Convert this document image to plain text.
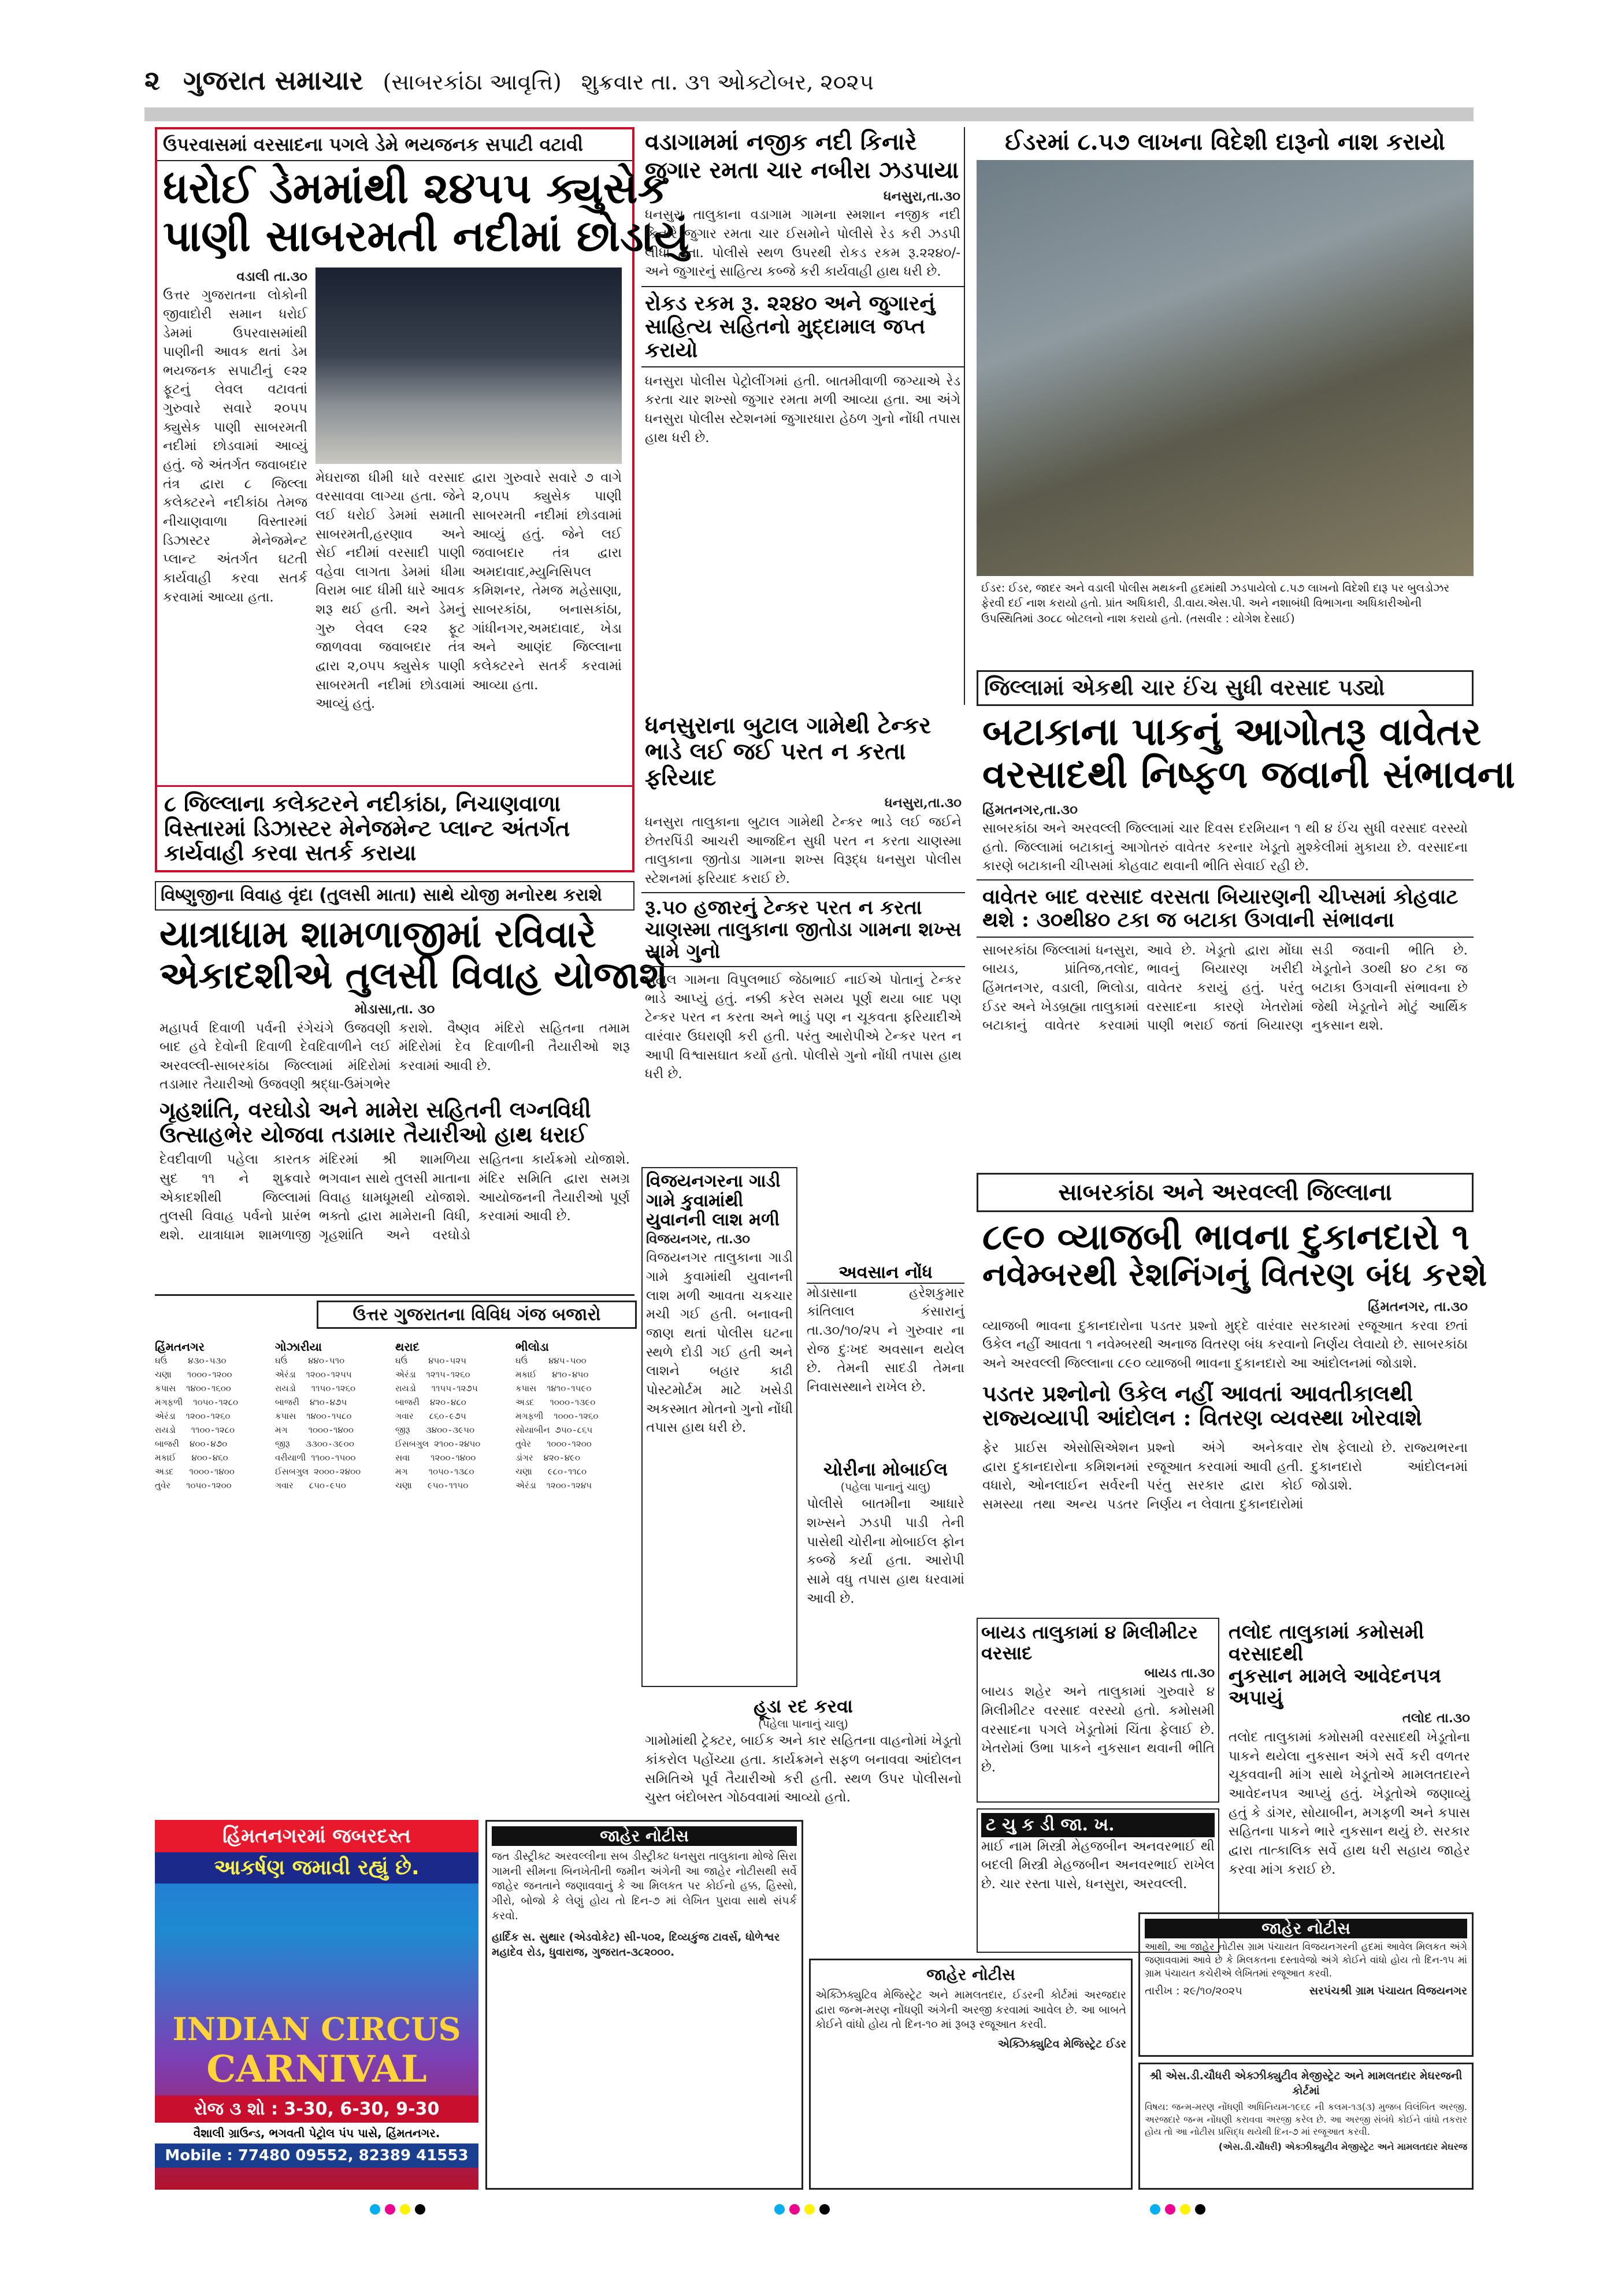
૨ ગુજરાત સમાચાર (સાબરકાંઠા આવૃત્તિ) શુક્રવાર તા. ૩૧ ઓક્ટોબર, ૨૦૨૫
ઉપરવાસમાં વરસાદના પગલે ડેમે ભયજનક સપાટી વટાવી
ધરોઈ ડેમમાંથી ૨૪૫૫ ક્યુસેક
પાણી સાબરમતી નદીમાં છોડાયું
વડાલી તા.૩૦
ઉત્તર ગુજરાતના લોકોની જીવાદોરી સમાન ધરોઈ ડેમમાં ઉપરવાસમાંથી પાણીની આવક થતાં ડેમ ભયજનક સપાટીનું ૯૨૨ ફૂટનું લેવલ વટાવતાં ગુરુવારે સવારે ૨૦૫૫ ક્યુસેક પાણી સાબરમતી નદીમાં છોડવામાં આવ્યું હતું. જે અંતર્ગત જવાબદાર તંત્ર દ્વારા ૮ જિલ્લા કલેક્ટરને નદીકાંઠા તેમજ નીચાણવાળા વિસ્તારમાં ડિઝાસ્ટર મેનેજમેન્ટ પ્લાન્ટ અંતર્ગત ઘટતી કાર્યવાહી કરવા સતર્ક કરવામાં આવ્યા હતા.
મેઘરાજા ધીમી ધારે વરસાદ વરસાવવા લાગ્યા હતા. જેને લઈ ધરોઈ ડેમમાં સમાતી સાબરમતી,હરણાવ અને સેઈ નદીમાં વરસાદી પાણી વહેવા લાગતા ડેમમાં ધીમા વિરામ બાદ ધીમી ધારે આવક શરૂ થઈ હતી. અને ડેમનું ગુરુ લેવલ ૯૨૨ ફૂટ જાળવવા જવાબદાર તંત્ર દ્વારા ૨,૦૫૫ ક્યુસેક પાણી સાબરમતી નદીમાં છોડવામાં આવ્યું હતું.
દ્વારા ગુરુવારે સવારે ૭ વાગે ૨,૦૫૫ ક્યુસેક પાણી સાબરમતી નદીમાં છોડવામાં આવ્યું હતું. જેને લઈ જવાબદાર તંત્ર દ્વારા અમદાવાદ,મ્યુનિસિપલ કમિશનર, તેમજ મહેસાણા, સાબરકાંઠા, બનાસકાંઠા, ગાંધીનગર,અમદાવાદ, ખેડા અને આણંદ જિલ્લાના કલેક્ટરને સતર્ક કરવામાં આવ્યા હતા.
૮ જિલ્લાના કલેક્ટરને નદીકાંઠા, નિચાણવાળા વિસ્તારમાં ડિઝાસ્ટર મેનેજમેન્ટ પ્લાન્ટ અંતર્ગત કાર્યવાહી કરવા સતર્ક કરાયા
વડાગામમાં નજીક નદી કિનારે
જુગાર રમતા ચાર નબીરા ઝડપાયા
ધનસુરા,તા.૩૦
ધનસુરા તાલુકાના વડાગામ ગામના સ્મશાન નજીક નદી કિનારે જુગાર રમતા ચાર ઈસમોને પોલીસે રેડ કરી ઝડપી લીધા હતા. પોલીસે સ્થળ ઉપરથી રોકડ રકમ રૂ.૨૨૪૦/- અને જુગારનું સાહિત્ય કબ્જે કરી કાર્યવાહી હાથ ધરી છે.
રોકડ રકમ રૂ. ૨૨૪૦ અને જુગારનું સાહિત્ય સહિતનો મુદ્દામાલ જપ્ત કરાયો
ધનસુરા પોલીસ પેટ્રોલીંગમાં હતી. બાતમીવાળી જગ્યાએ રેડ કરતા ચાર શખ્સો જુગાર રમતા મળી આવ્યા હતા. આ અંગે ધનસુરા પોલીસ સ્ટેશનમાં જુગારધારા હેઠળ ગુનો નોંધી તપાસ હાથ ધરી છે.
ઈડરમાં ૮.૫૭ લાખના વિદેશી દારૂનો નાશ કરાયો
ઈડર: ઈડર, જાદર અને વડાલી પોલીસ મથકની હદમાંથી ઝડપાયેલો ૮.૫૭ લાખનો વિદેશી દારૂ પર બુલડોઝર ફેરવી દઈ નાશ કરાયો હતો. પ્રાંત અધિકારી, ડી.વાય.એસ.પી. અને નશાબંધી વિભાગના અધિકારીઓની ઉપસ્થિતિમાં ૩૦૮૮ બોટલનો નાશ કરાયો હતો. (તસવીર : યોગેશ દેસાઈ)
જિલ્લામાં એકથી ચાર ઈંચ સુધી વરસાદ પડ્યો
બટાકાના પાકનું આગોતરૂ વાવેતર
વરસાદથી નિષ્ફળ જવાની સંભાવના
હિંમતનગર,તા.૩૦
સાબરકાંઠા અને અરવલ્લી જિલ્લામાં ચાર દિવસ દરમિયાન ૧ થી ૪ ઈંચ સુધી વરસાદ વરસ્યો હતો. જિલ્લામાં બટાકાનું આગોતરું વાવેતર કરનાર ખેડૂતો મુશ્કેલીમાં મુકાયા છે. વરસાદના કારણે બટાકાની ચીપ્સમાં કોહવાટ થવાની ભીતિ સેવાઈ રહી છે.
વાવેતર બાદ વરસાદ વરસતા બિયારણની ચીપ્સમાં કોહવાટ થશે : ૩૦થી૪૦ ટકા જ બટાકા ઉગવાની સંભાવના
સાબરકાંઠા જિલ્લામાં ધનસુરા, બાયડ, પ્રાંતિજ,તલોદ, હિંમતનગર, વડાલી, ભિલોડા, ઈડર અને ખેડબ્રહ્મા તાલુકામાં બટાકાનું વાવેતર કરવામાં આવે છે. ખેડૂતો દ્વારા મોંઘા ભાવનું બિયારણ ખરીદી વાવેતર કરાયું હતું. પરંતુ વરસાદના કારણે ખેતરોમાં પાણી ભરાઈ જતાં બિયારણ સડી જવાની ભીતિ છે. ખેડૂતોને ૩૦થી ૪૦ ટકા જ બટાકા ઉગવાની સંભાવના છે જેથી ખેડૂતોને મોટું આર્થિક નુકસાન થશે.
વિષ્ણુજીના વિવાહ વૃંદા (તુલસી માતા) સાથે યોજી મનોરથ કરાશે
યાત્રાધામ શામળાજીમાં રવિવારે
એકાદશીએ તુલસી વિવાહ યોજાશે
મોડાસા,તા. ૩૦
મહાપર્વ દિવાળી પર્વની રંગેચંગે ઉજવણી બાદ હવે દેવોની દિવાળી દેવદિવાળીને લઈ અરવલ્લી-સાબરકાંઠા જિલ્લામાં મંદિરોમાં તડામાર તૈયારીઓ ઉજવણી શ્રદ્ધા-ઉમંગભેર કરાશે. વૈષ્ણવ મંદિરો સહિતના તમામ મંદિરોમાં દેવ દિવાળીની તૈયારીઓ શરૂ કરવામાં આવી છે.
ગૃહશાંતિ, વરઘોડો અને મામેરા સહિતની લગ્નવિધી ઉત્સાહભેર યોજવા તડામાર તૈયારીઓ હાથ ધરાઈ
દેવદીવાળી પહેલા કારતક સુદ ૧૧ ને શુક્રવારે એકાદશીથી જિલ્લામાં તુલસી વિવાહ પર્વનો પ્રારંભ થશે. યાત્રાધામ શામળાજી મંદિરમાં શ્રી શામળિયા ભગવાન સાથે તુલસી માતાના વિવાહ ધામધૂમથી યોજાશે. ભક્તો દ્વારા મામેરાની વિધી, ગૃહશાંતિ અને વરઘોડો સહિતના કાર્યક્રમો યોજાશે. મંદિર સમિતિ દ્વારા સમગ્ર આયોજનની તૈયારીઓ પૂર્ણ કરવામાં આવી છે.
ધનસુરાના બુટાલ ગામેથી ટેન્કર
ભાડે લઈ જઈ પરત ન કરતા ફરિયાદ
ધનસુરા,તા.૩૦
ધનસુરા તાલુકાના બુટાલ ગામેથી ટેન્કર ભાડે લઈ જઈને છેતરપિંડી આચરી આજદિન સુધી પરત ન કરતા ચાણસ્મા તાલુકાના જીતોડા ગામના શખ્સ વિરૂદ્ધ ધનસુરા પોલીસ સ્ટેશનમાં ફરિયાદ કરાઈ છે.
રૂ.૫૦ હજારનું ટેન્કર પરત ન કરતા ચાણસ્મા તાલુકાના જીતોડા ગામના શખ્સ સામે ગુનો
બુટાલ ગામના વિપુલભાઈ જેઠાભાઈ નાઈએ પોતાનું ટેન્કર ભાડે આપ્યું હતું. નક્કી કરેલ સમય પૂર્ણ થયા બાદ પણ ટેન્કર પરત ન કરતા અને ભાડું પણ ન ચૂકવતા ફરિયાદીએ વારંવાર ઉઘરાણી કરી હતી. પરંતુ આરોપીએ ટેન્કર પરત ન આપી વિશ્વાસઘાત કર્યો હતો. પોલીસે ગુનો નોંધી તપાસ હાથ ધરી છે.
સાબરકાંઠા અને અરવલ્લી જિલ્લાના
૮૯૦ વ્યાજબી ભાવના દુકાનદારો ૧
નવેમ્બરથી રેશનિંગનું વિતરણ બંધ કરશે
હિંમતનગર, તા.૩૦
વ્યાજબી ભાવના દુકાનદારોના પડતર પ્રશ્નો મુદ્દે વારંવાર સરકારમાં રજૂઆત કરવા છતાં ઉકેલ નહીં આવતા ૧ નવેમ્બરથી અનાજ વિતરણ બંધ કરવાનો નિર્ણય લેવાયો છે. સાબરકાંઠા અને અરવલ્લી જિલ્લાના ૮૯૦ વ્યાજબી ભાવના દુકાનદારો આ આંદોલનમાં જોડાશે.
પડતર પ્રશ્નોનો ઉકેલ નહીં આવતાં આવતીકાલથી રાજ્યવ્યાપી આંદોલન : વિતરણ વ્યવસ્થા ખોરવાશે
ફેર પ્રાઈસ એસોસિએશન દ્વારા દુકાનદારોના કમિશનમાં વધારો, ઓનલાઈન સર્વરની સમસ્યા તથા અન્ય પડતર પ્રશ્નો અંગે અનેકવાર રજૂઆત કરવામાં આવી હતી. પરંતુ સરકાર દ્વારા કોઈ નિર્ણય ન લેવાતા દુકાનદારોમાં રોષ ફેલાયો છે. રાજ્યભરના દુકાનદારો આંદોલનમાં જોડાશે.
વિજયનગરના ગાડી ગામે કુવામાંથી યુવાનની લાશ મળી
વિજયનગર, તા.૩૦
વિજયનગર તાલુકાના ગાડી ગામે કુવામાંથી યુવાનની લાશ મળી આવતા ચકચાર મચી ગઈ હતી. બનાવની જાણ થતાં પોલીસ ઘટના સ્થળે દોડી ગઈ હતી અને લાશને બહાર કાઢી પોસ્ટમોર્ટમ માટે ખસેડી અકસ્માત મોતનો ગુનો નોંધી તપાસ હાથ ધરી છે.
અવસાન નોંધ
મોડાસાના હરેશકુમાર કાંતિલાલ કંસારાનું તા.૩૦/૧૦/૨૫ ને ગુરુવાર ના રોજ દુઃખદ અવસાન થયેલ છે. તેમની સાદડી તેમના નિવાસસ્થાને રાખેલ છે.
ચોરીના મોબાઈલ
(પહેલા પાનાનું ચાલુ)
પોલીસે બાતમીના આધારે શખ્સને ઝડપી પાડી તેની પાસેથી ચોરીના મોબાઈલ ફોન કબ્જે કર્યા હતા. આરોપી સામે વધુ તપાસ હાથ ધરવામાં આવી છે.
ઉત્તર ગુજરાતના વિવિધ ગંજ બજારો
હિંમતનગર
ઘઉં    ૪૩૦-૫૩૦
ચણા   ૧૦૦૦-૧૨૦૦
કપાસ  ૧૪૦૦-૧૬૦૦
મગફળી  ૧૦૫૦-૧૨૮૦
એરંડા  ૧૨૦૦-૧૨૬૦
રાયડો   ૧૧૦૦-૧૨૮૦
બાજરી  ૪૦૦-૪૭૦
મકાઈ   ૪૦૦-૪૬૦
અડદ   ૧૦૦૦-૧૪૦૦
તુવેર   ૧૦૫૦-૧૨૦૦
ગોઝારીયા
ઘઉં    ૪૪૦-૫૧૦
એરંડા  ૧૨૦૦-૧૨૫૫
રાયડો   ૧૧૫૦-૧૨૬૦
બાજરી  ૪૧૦-૪૭૫
કપાસ  ૧૪૦૦-૧૫૮૦
મગ    ૧૦૦૦-૧૪૦૦
જીરૂ   ૩૩૦૦-૩૯૦૦
વરીયાળી ૧૧૦૦-૧૫૦૦
ઈસબગુલ ૨૦૦૦-૨૪૦૦
ગવાર   ૮૫૦-૯૫૦
થરાદ
ઘઉં    ૪૫૦-૫૨૫
એરંડા  ૧૨૧૫-૧૨૬૦
રાયડો   ૧૧૫૫-૧૨૭૫
બાજરી  ૪૨૦-૪૮૦
ગવાર   ૮૬૦-૯૭૫
જીરૂ   ૩૪૦૦-૩૯૫૦
ઈસબગુલ ૨૧૦૦-૨૪૫૦
સવા    ૧૨૦૦-૧૪૦૦
મગ    ૧૦૫૦-૧૩૮૦
ચણા   ૯૫૦-૧૧૫૦
ભીલોડા
ઘઉં    ૪૪૫-૫૦૦
મકાઈ   ૪૧૦-૪૫૦
કપાસ  ૧૪૧૦-૧૫૯૦
અડદ   ૧૦૦૦-૧૩૯૦
મગફળી  ૧૦૦૦-૧૨૬૦
સોયાબીન ૭૫૦-૮૬૫
તુવેર   ૧૦૦૦-૧૨૦૦
ડાંગર  ૪૨૦-૪૯૦
ચણા   ૯૮૦-૧૧૮૦
એરંડા  ૧૨૦૦-૧૨૪૫
બાયડ તાલુકામાં ૪ મિલીમીટર વરસાદ
બાયડ તા.૩૦
બાયડ શહેર અને તાલુકામાં ગુરુવારે ૪ મિલીમીટર વરસાદ વરસ્યો હતો. કમોસમી વરસાદના પગલે ખેડૂતોમાં ચિંતા ફેલાઈ છે. ખેતરોમાં ઉભા પાકને નુકસાન થવાની ભીતિ છે.
હૂડા રદ કરવા
(પહેલા પાનાનું ચાલુ)
ગામોમાંથી ટ્રેક્ટર, બાઈક અને કાર સહિતના વાહનોમાં ખેડૂતો કાંકરોલ પહોંચ્યા હતા. કાર્યક્રમને સફળ બનાવવા આંદોલન સમિતિએ પૂર્વ તૈયારીઓ કરી હતી. સ્થળ ઉપર પોલીસનો ચુસ્ત બંદોબસ્ત ગોઠવવામાં આવ્યો હતો.
તલોદ તાલુકામાં કમોસમી વરસાદથી
નુકસાન મામલે આવેદનપત્ર અપાયું
તલોદ તા.૩૦
તલોદ તાલુકામાં કમોસમી વરસાદથી ખેડૂતોના પાકને થયેલા નુકસાન અંગે સર્વે કરી વળતર ચૂકવવાની માંગ સાથે ખેડૂતોએ મામલતદારને આવેદનપત્ર આપ્યું હતું. ખેડૂતોએ જણાવ્યું હતું કે ડાંગર, સોયાબીન, મગફળી અને કપાસ સહિતના પાકને ભારે નુકસાન થયું છે. સરકાર દ્વારા તાત્કાલિક સર્વે હાથ ધરી સહાય જાહેર કરવા માંગ કરાઈ છે.
ટ ચુ ક ડી જા. ખ.
માઈ નામ મિસ્ત્રી મેહજબીન અનવરભાઈ થી બદલી મિસ્ત્રી મેહજબીન અનવરભાઈ રાખેલ છે. ચાર રસ્તા પાસે, ધનસુરા, અરવલ્લી.
હિંમતનગરમાં જબરદસ્ત
આકર્ષણ જમાવી રહ્યું છે.
INDIAN CIRCUS
CARNIVAL
રોજ ૩ શો : 3-30, 6-30, 9-30
વૈશાલી ગ્રાઉન્ડ, ભગવતી પેટ્રોલ પંપ પાસે, હિંમતનગર.
Mobile : 77480 09552, 82389 41553
જાહેર નોટીસ
જત ડીસ્ટ્રીક્ટ અરવલ્લીના સબ ડીસ્ટ્રીક્ટ ધનસુરા તાલુકાના મોજે સિરા ગામની સીમના બિનખેતીની જમીન અંગેની આ જાહેર નોટીસથી સર્વે જાહેર જનતાને જણાવવાનું કે આ મિલકત પર કોઈનો હક્ક, હિસ્સો, ગીરો, બોજો કે લેણું હોય તો દિન-૭ માં લેખિત પુરાવા સાથે સંપર્ક કરવો.
હાર્દિક સ. સુથાર (એડવોકેટ) સી-૫૦૨, દિવ્યકુંજ ટાવર્સ, ધોળેશ્વર મહાદેવ રોડ, ધુવારાજ, ગુજરાત-૩૮૨૦૦૦.
જાહેર નોટીસ
એક્ઝિક્યુટિવ મેજિસ્ટ્રેટ અને મામલતદાર, ઈડરની કોર્ટમાં અરજદાર દ્વારા જન્મ-મરણ નોંધણી અંગેની અરજી કરવામાં આવેલ છે. આ બાબતે કોઈને વાંધો હોય તો દિન-૧૦ માં રૂબરૂ રજૂઆત કરવી.
એક્ઝિક્યુટિવ મેજિસ્ટ્રેટ ઈડર
જાહેર નોટીસ
આથી, આ જાહેર નોટીસ ગ્રામ પંચાયત વિજયનગરની હદમાં આવેલ મિલકત અંગે જણાવવામાં આવે છે કે મિલકતના દસ્તાવેજો અંગે કોઈને વાંધો હોય તો દિન-૧૫ માં ગ્રામ પંચાયત કચેરીએ લેખિતમાં રજૂઆત કરવી.
તારીખ : ૨૯/૧૦/૨૦૨૫	સરપંચશ્રી ગ્રામ પંચાયત વિજયનગર
શ્રી એસ.ડી.ચૌધરી એક્ઝીક્યુટીવ મેજીસ્ટ્રેટ અને મામલતદાર મેઘરજની કોર્ટમાં
વિષય: જન્મ-મરણ નોંધણી અધિનિયમ-૧૯૬૯ ની કલમ-૧૩(૩) મુજબ વિલંબિત અરજી. અરજદારે જન્મ નોંધણી કરાવવા અરજી કરેલ છે. આ અરજી સંબંધે કોઈને વાંધો તકરાર હોય તો આ નોટીસ પ્રસિદ્ધ થયેથી દિન-૭ માં રજૂઆત કરવી.
(એસ.ડી.ચૌધરી) એક્ઝીક્યુટીવ મેજીસ્ટ્રેટ અને મામલતદાર મેઘરજ
